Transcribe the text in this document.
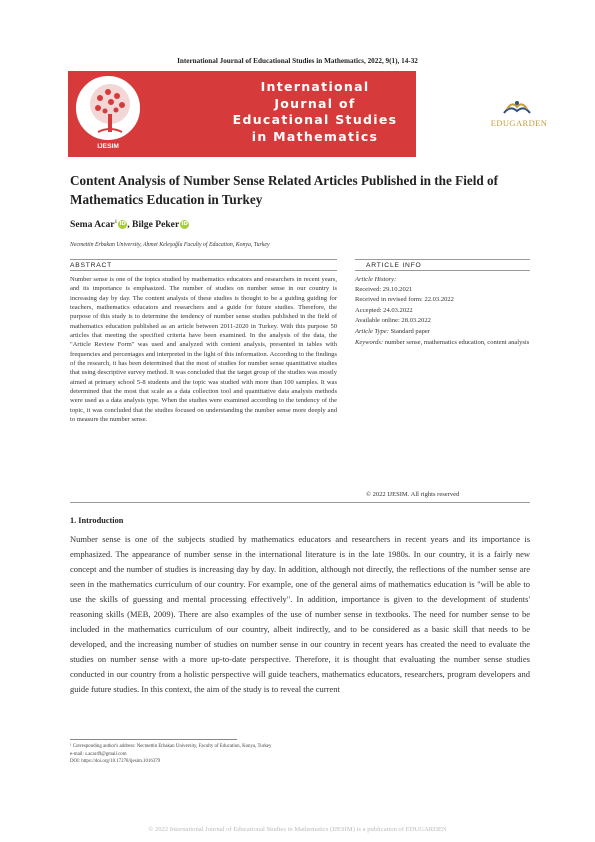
International Journal of Educational Studies in Mathematics, 2022, 9(1), 14-32
IJESIM
International
Journal of
Educational Studies
in Mathematics
EDUGARDEN
Content Analysis of Number Sense Related Articles Published in the Field of Mathematics Education in Turkey
Sema Acar$^1$ iD, Bilge Peker iD
Necmettin Erbakan University, Ahmet Keleşoğlu Faculty of Education, Konya, Turkey
ABSTRACT	ARTICLE INFO
Number sense is one of the topics studied by mathematics educators and researchers in recent years, and its importance is emphasized. The number of studies on number sense in our country is increasing day by day. The content analysis of these studies is thought to be a guiding guiding for teachers, mathematics educators and researchers and a guide for future studies. Therefore, the purpose of this study is to determine the tendency of number sense studies published in the field of mathematics education published as an article between 2011-2020 in Turkey. With this purpose 50 articles that meeting the specified criteria have been examined. In the analysis of the data, the "Article Review Form" was used and analyzed with content analysis, presented in tables with frequencies and percentages and interpreted in the light of this information. According to the findings of the research, it has been determined that the most of studies for number sense quantitative studies that using descriptive survey method. It was concluded that the target group of the studies was mostly aimed at primary school 5-8 students and the topic was studied with more than 100 samples. It was determined that the most that scale as a data collection tool and quantitative data analysis methods were used as a data analysis type. When the studies were examined according to the tendency of the topic, it was concluded that the studies focused on understanding the number sense more deeply and to measure the number sense.
Article History:
Received: 29.10.2021
Received in revised form: 22.03.2022
Accepted: 24.03.2022
Available online: 28.03.2022
Article Type: Standard paper
Keywords: number sense, mathematics education, content analysis
© 2022 IJESIM. All rights reserved
1. Introduction
Number sense is one of the subjects studied by mathematics educators and researchers in recent years and its importance is emphasized. The appearance of number sense in the international literature is in the late 1980s. In our country, it is a fairly new concept and the number of studies is increasing day by day. In addition, although not directly, the reflections of the number sense are seen in the mathematics curriculum of our country. For example, one of the general aims of mathematics education is "will be able to use the skills of guessing and mental processing effectively". In addition, importance is given to the development of students' reasoning skills (MEB, 2009). There are also examples of the use of number sense in textbooks. The need for number sense to be included in the mathematics curriculum of our country, albeit indirectly, and to be considered as a basic skill that needs to be developed, and the increasing number of studies on number sense in our country in recent years has created the need to evaluate the studies on number sense with a more up-to-date perspective. Therefore, it is thought that evaluating the number sense studies conducted in our country from a holistic perspective will guide teachers, mathematics educators, researchers, program developers and guide future studies. In this context, the aim of the study is to reveal the current
¹ Corresponding author's address: Necmettin Erbakan University, Faculty of Education, Konya, Turkey
e-mail: s.acar49@gmail.com
DOI: https://doi.org/10.17278/ijesim.1016379
© 2022 International Journal of Educational Studies in Mathematics (IJESIM) is a publication of EDUGARDEN
